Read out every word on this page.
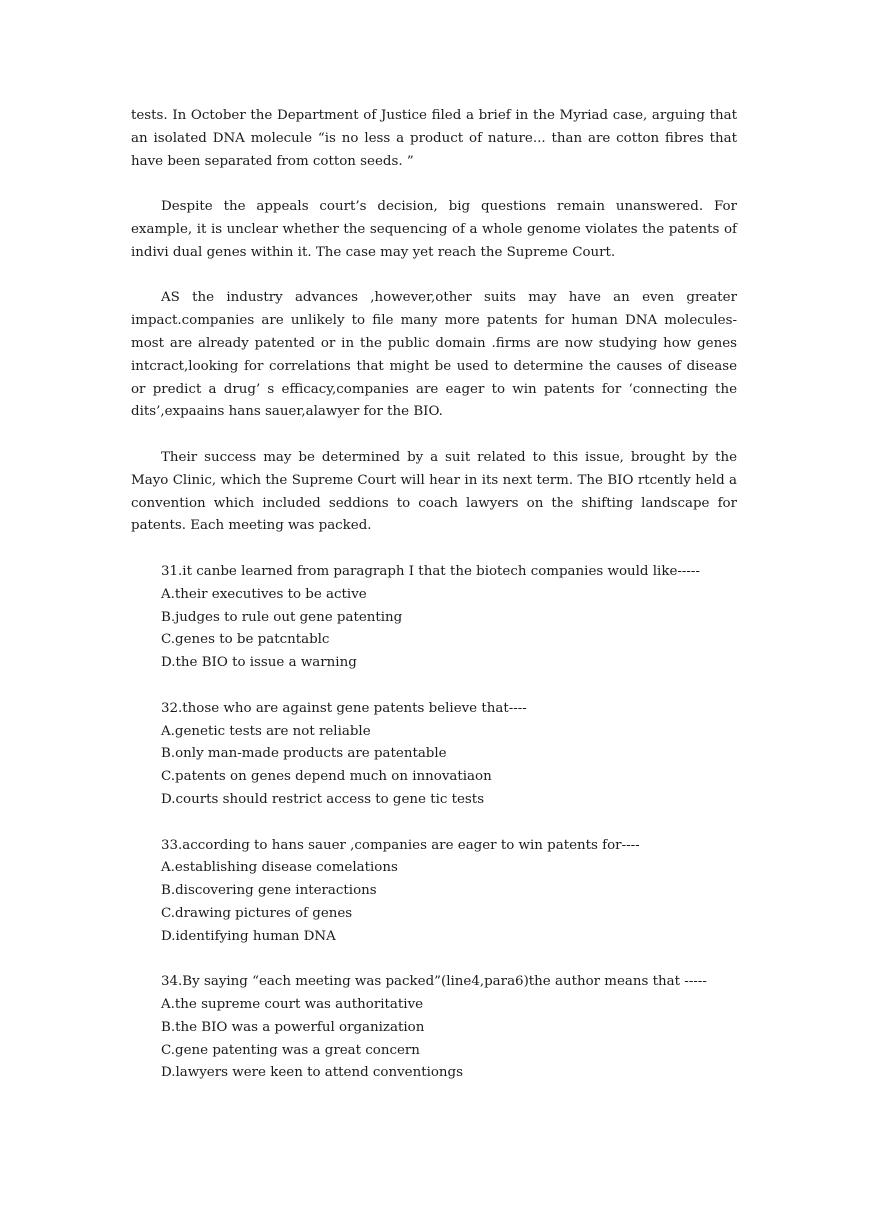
tests. In October the Department of Justice filed a brief in the Myriad case, arguing that an isolated DNA molecule “is no less a product of nature... than are cotton fibres that have been separated from cotton seeds. ”

Despite the appeals court’s decision, big questions remain unanswered. For example, it is unclear whether the sequencing of a whole genome violates the patents of indivi dual genes within it. The case may yet reach the Supreme Court.

AS the industry advances ,however,other suits may have an even greater impact.companies are unlikely to file many more patents for human DNA molecules-most are already patented or in the public domain .firms are now studying how genes intcract,looking for correlations that might be used to determine the causes of disease or predict a drug’ s efficacy,companies are eager to win patents for ‘connecting the dits’,expaains hans sauer,alawyer for the BIO.

Their success may be determined by a suit related to this issue, brought by the Mayo Clinic, which the Supreme Court will hear in its next term. The BIO rtcently held a convention which included seddions to coach lawyers on the shifting landscape for patents. Each meeting was packed.

31.it canbe learned from paragraph I that the biotech companies would like-----
A.their executives to be active
B.judges to rule out gene patenting
C.genes to be patcntablc
D.the BIO to issue a warning
32.those who are against gene patents believe that----
A.genetic tests are not reliable
B.only man-made products are patentable
C.patents on genes depend much on innovatiaon
D.courts should restrict access to gene tic tests
33.according to hans sauer ,companies are eager to win patents for----
A.establishing disease comelations
B.discovering gene interactions
C.drawing pictures of genes
D.identifying human DNA
34.By saying “each meeting was packed”(line4,para6)the author means that -----
A.the supreme court was authoritative
B.the BIO was a powerful organization
C.gene patenting was a great concern
D.lawyers were keen to attend conventiongs
